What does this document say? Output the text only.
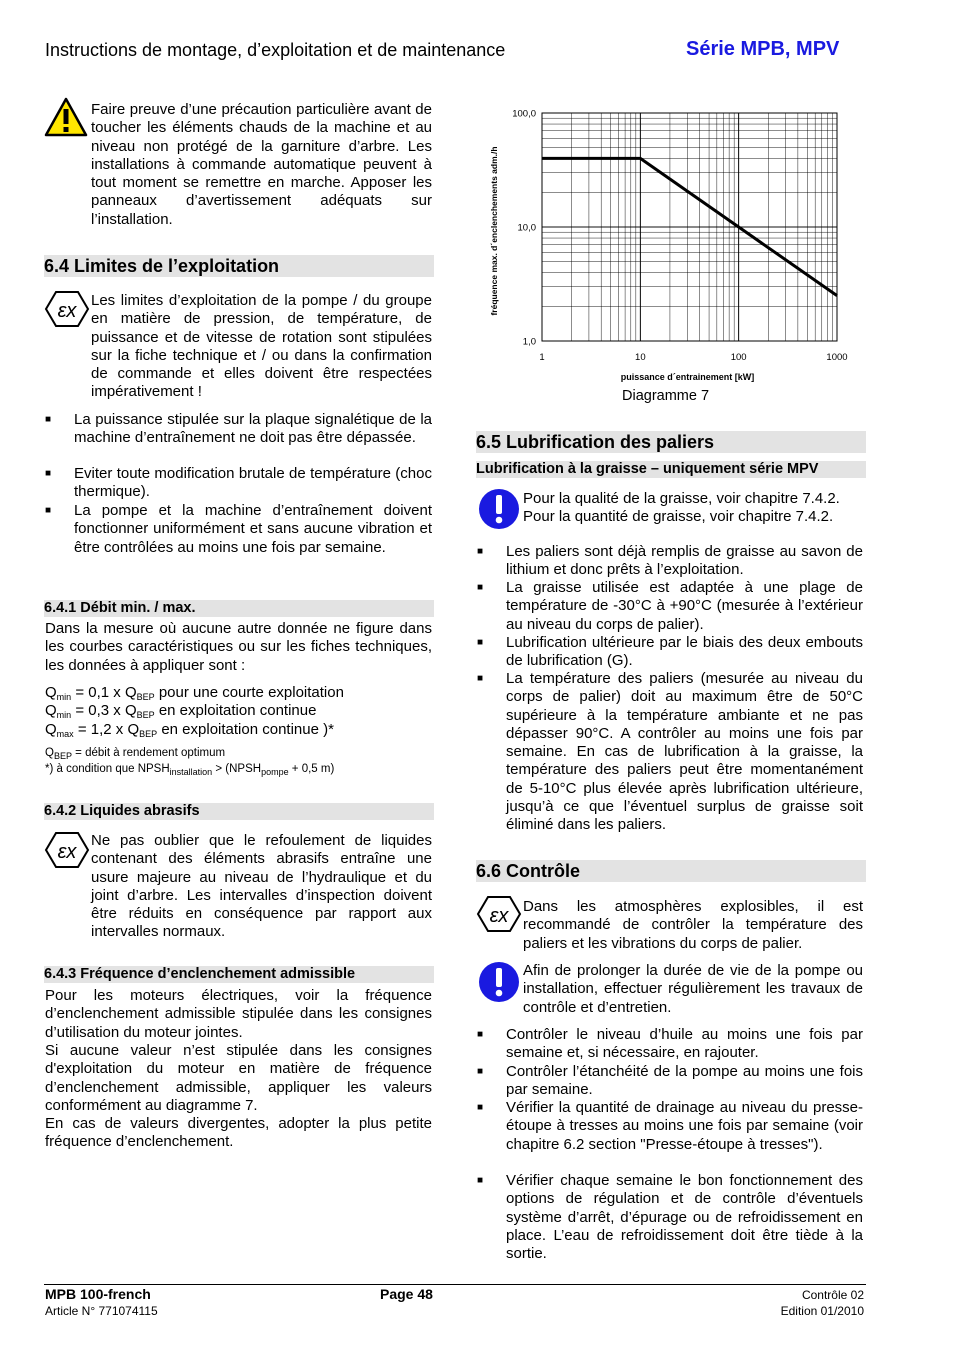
Instructions de montage, d’exploitation et de maintenance	Série MPB, MPV
Faire preuve d’une précaution particulière avant de toucher les éléments chauds de la machine et au niveau non protégé de la garniture d’arbre. Les installations à commande automatique peuvent à tout moment se remettre en marche. Apposer les panneaux d’avertissement adéquats sur l’installation.
6.4 Limites de l’exploitation
εx Les limites d’exploitation de la pompe / du groupe en matière de pression, de température, de puissance et de vitesse de rotation sont stipulées sur la fiche technique et / ou dans la confirmation de commande et elles doivent être respectées impérativement !
■ La puissance stipulée sur la plaque signalétique de la machine d’entraînement ne doit pas être dépassée.
■ Eviter toute modification brutale de température (choc thermique).
■ La pompe et la machine d’entraînement doivent fonctionner uniformément et sans aucune vibration et être contrôlées au moins une fois par semaine.
6.4.1 Débit min. / max.
Dans la mesure où aucune autre donnée ne figure dans les courbes caractéristiques ou sur les fiches techniques, les données à appliquer sont :
$Q_{min} = 0,1$ x $Q_{BEP}$ pour une courte exploitation
$Q_{min} = 0,3$ x $Q_{BEP}$ en exploitation continue
$Q_{max} = 1,2$ x $Q_{BEP}$ en exploitation continue )*
$Q_{BEP}$ = débit à rendement optimum
*) à condition que $NPSH_{installation}$ > ($NPSH_{pompe} + 0,5$ m)
6.4.2 Liquides abrasifs
εx
Ne pas oublier que le refoulement de liquides contenant des éléments abrasifs entraîne une usure majeure au niveau de l’hydraulique et du joint d’arbre. Les intervalles d’inspection doivent être réduits en conséquence par rapport aux intervalles normaux.
6.4.3 Fréquence d’enclenchement admissible
Pour les moteurs électriques, voir la fréquence d’enclenchement admissible stipulée dans les consignes d’utilisation du moteur jointes.
Si aucune valeur n’est stipulée dans les consignes d'exploitation du moteur en matière de fréquence d’enclenchement admissible, appliquer les valeurs conformément au diagramme 7.
En cas de valeurs divergentes, adopter la plus petite fréquence d’enclenchement.
1	10	100	1000
1,0
10,0
100,0
puissance d´entrainement [kW]
fréquence max. d´enclenchements adm./h
Diagramme 7
6.5 Lubrification des paliers
Lubrification à la graisse – uniquement série MPV
Pour la qualité de la graisse, voir chapitre 7.4.2.
Pour la quantité de graisse, voir chapitre 7.4.2.
■ Les paliers sont déjà remplis de graisse au savon de lithium et donc prêts à l’exploitation.
■ La graisse utilisée est adaptée à une plage de température de -30°C à +90°C (mesurée à l’extérieur au niveau du corps de palier).
■ Lubrification ultérieure par le biais des deux embouts de lubrification (G).
■ La température des paliers (mesurée au niveau du corps de palier) doit au maximum être de 50°C supérieure à la température ambiante et ne pas dépasser 90°C. A contrôler au moins une fois par semaine. En cas de lubrification à la graisse, la température des paliers peut être momentanément de 5-10°C plus élevée après lubrification ultérieure, jusqu’à ce que l’éventuel surplus de graisse soit éliminé dans les paliers.
6.6 Contrôle
εx Dans les atmosphères explosibles, il est recommandé de contrôler la température des paliers et les vibrations du corps de palier.
Afin de prolonger la durée de vie de la pompe ou installation, effectuer régulièrement les travaux de contrôle et d’entretien.
■ Contrôler le niveau d’huile au moins une fois par semaine et, si nécessaire, en rajouter.
■ Contrôler l’étanchéité de la pompe au moins une fois par semaine.
■ Vérifier la quantité de drainage au niveau du presse-étoupe à tresses au moins une fois par semaine (voir chapitre 6.2 section "Presse-étoupe à tresses").
■ Vérifier chaque semaine le bon fonctionnement des options de régulation et de contrôle d’éventuels système d’arrêt, d’épurage ou de refroidissement en place. L’eau de refroidissement doit être tiède à la sortie.
MPB 100-french
Article N° 771074115
Page 48	Contrôle 02
Edition 01/2010
